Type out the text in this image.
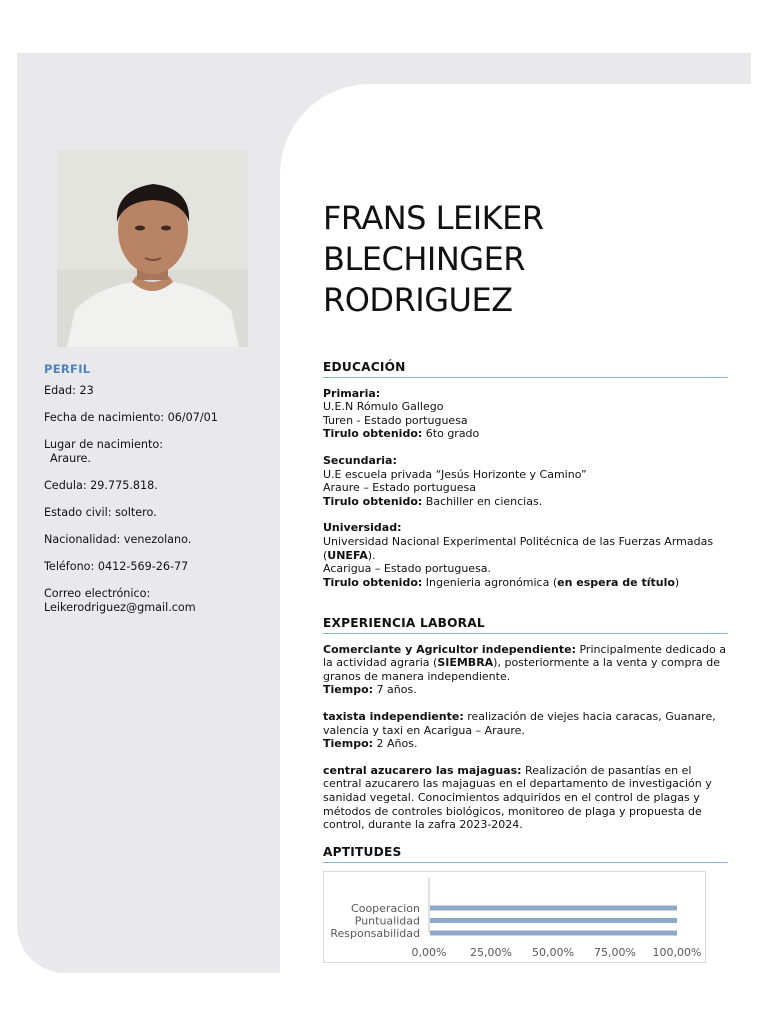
FRANS LEIKER
BLECHINGER
RODRIGUEZ
PERFIL
Edad: 23
Fecha de nacimiento: 06/07/01
Lugar de nacimiento:
Araure.
Cedula: 29.775.818.
Estado civil: soltero.
Nacionalidad: venezolano.
Teléfono: 0412-569-26-77
Correo electrónico:
Leikerodriguez@gmail.com
EDUCACIÓN
Primaria:
U.E.N Rómulo Gallego
Turen - Estado portuguesa
Tirulo obtenido: 6to grado
Secundaria:
U.E escuela privada “Jesús Horizonte y Camino”
Araure – Estado portuguesa
Tirulo obtenido: Bachiller en ciencias.
Universidad:
Universidad Nacional Experimental Politécnica de las Fuerzas Armadas (UNEFA).
Acarigua – Estado portuguesa.
Tirulo obtenido: Ingenieria agronómica (en espera de título)
EXPERIENCIA LABORAL
Comerciante y Agricultor independiente: Principalmente dedicado a la actividad agraria (SIEMBRA), posteriormente a la venta y compra de granos de manera independiente.
Tiempo: 7 años.
taxista independiente: realización de viejes hacia caracas, Guanare, valencia y taxi en Acarigua – Araure.
Tiempo: 2 Años.
central azucarero las majaguas: Realización de pasantías en el central azucarero las majaguas en el departamento de investigación y sanidad vegetal. Conocimientos adquiridos en el control de plagas y métodos de controles biológicos, monitoreo de plaga y propuesta de control, durante la zafra 2023-2024.
APTITUDES
Cooperacion
Puntualidad
Responsabilidad
0,00% 25,00% 50,00% 75,00% 100,00%
